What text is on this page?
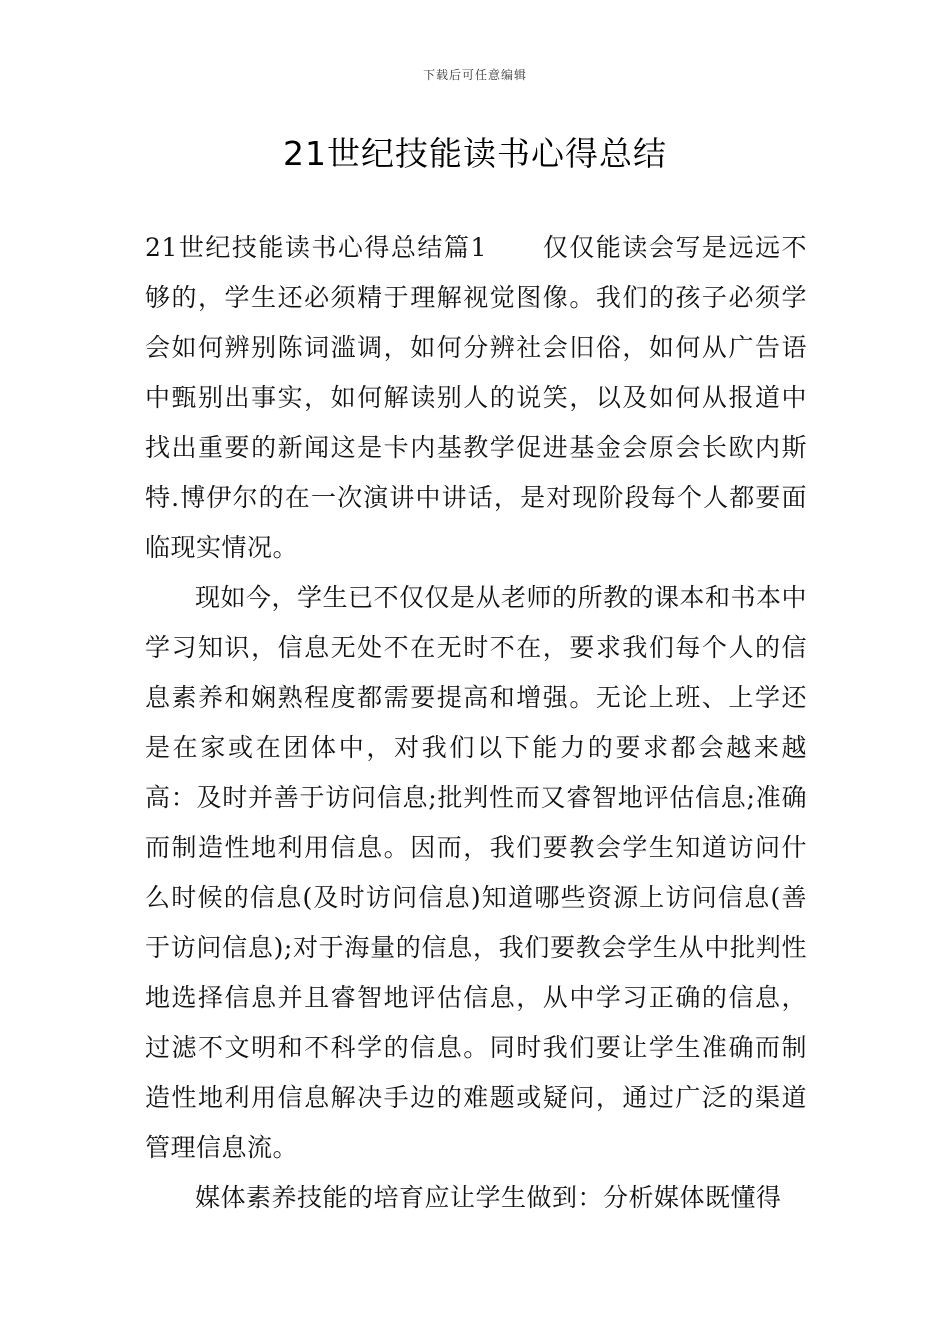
下载后可任意编辑
21世纪技能读书心得总结

21世纪技能读书心得总结篇1 仅仅能读会写是远远不够的，学生还必须精于理解视觉图像。我们的孩子必须学会如何辨别陈词滥调，如何分辨社会旧俗，如何从广告语中甄别出事实，如何解读别人的说笑，以及如何从报道中找出重要的新闻这是卡内基教学促进基金会原会长欧内斯特.博伊尔的在一次演讲中讲话，是对现阶段每个人都要面临现实情况。

现如今，学生已不仅仅是从老师的所教的课本和书本中学习知识，信息无处不在无时不在，要求我们每个人的信息素养和娴熟程度都需要提高和增强。无论上班、上学还是在家或在团体中，对我们以下能力的要求都会越来越高：及时并善于访问信息;批判性而又睿智地评估信息;准确而制造性地利用信息。因而，我们要教会学生知道访问什么时候的信息(及时访问信息)知道哪些资源上访问信息(善于访问信息);对于海量的信息，我们要教会学生从中批判性地选择信息并且睿智地评估信息，从中学习正确的信息，过滤不文明和不科学的信息。同时我们要让学生准确而制造性地利用信息解决手边的难题或疑问，通过广泛的渠道管理信息流。

媒体素养技能的培育应让学生做到：分析媒体既懂得
